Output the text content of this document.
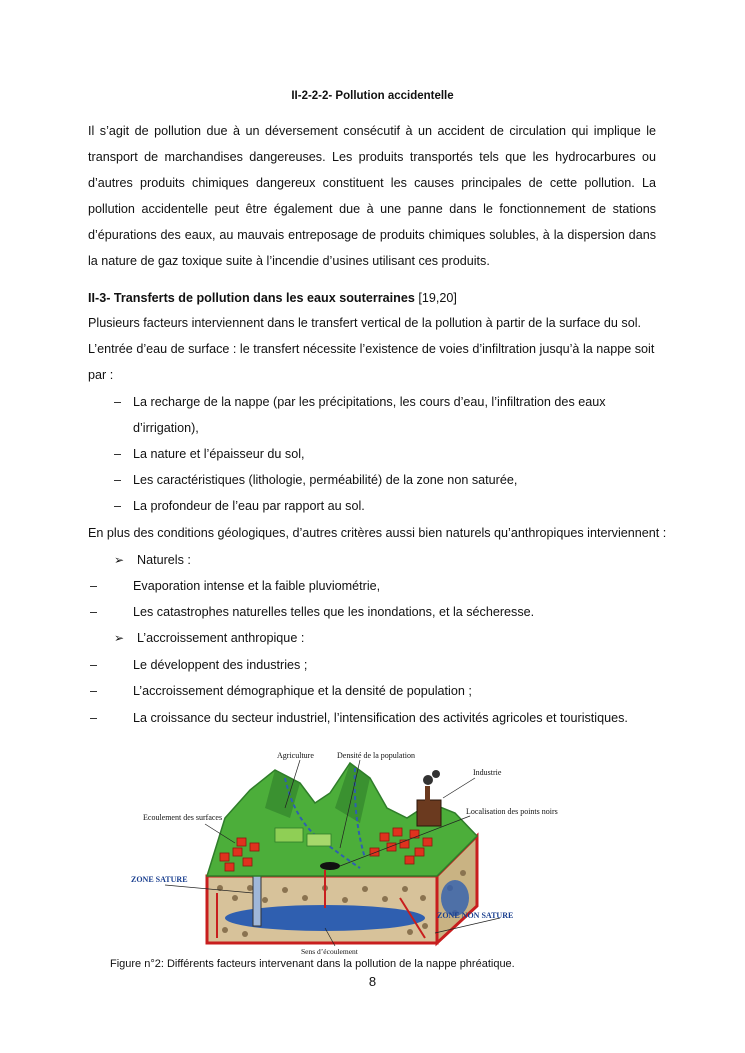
II-2-2-2- Pollution accidentelle
Il s’agit de pollution due à un déversement consécutif à un accident de circulation qui implique le transport de marchandises dangereuses. Les produits transportés tels que les hydrocarbures ou d’autres produits chimiques dangereux constituent les causes principales de cette pollution. La pollution accidentelle peut être également due à une panne dans le fonctionnement de stations d’épurations des eaux, au mauvais entreposage de produits chimiques solubles, à la dispersion dans la nature de gaz toxique suite à l’incendie d’usines utilisant ces produits.
II-3- Transferts de pollution dans les eaux souterraines [19,20]
Plusieurs facteurs interviennent dans le transfert vertical de la pollution à partir de la surface du sol.
L’entrée d’eau de surface : le transfert nécessite l’existence de voies d’infiltration jusqu’à la nappe soit
par :
– La recharge de la nappe (par les précipitations, les cours d’eau, l’infiltration des eaux
d’irrigation),
– La nature et l’épaisseur du sol,
– Les caractéristiques (lithologie, perméabilité) de la zone non saturée,
– La profondeur de l’eau par rapport au sol.
En plus des conditions géologiques, d’autres critères aussi bien naturels qu’anthropiques interviennent :
➢ Naturels :
–	Evaporation intense et la faible pluviométrie,
–	Les catastrophes naturelles telles que les inondations, et la sécheresse.
➢ L’accroissement anthropique :
–	Le développent des industries ;
–	L’accroissement démographique et la densité de population ;
–	La croissance du secteur industriel, l’intensification des activités agricoles et touristiques.
Agriculture	Densité de la population
Industrie
Ecoulement des surfaces
Localisation des points noirs
ZONE SATURE
ZONE NON SATURE
Sens d’écoulement
Figure n°2: Différents facteurs intervenant dans la pollution de la nappe phréatique.
8
